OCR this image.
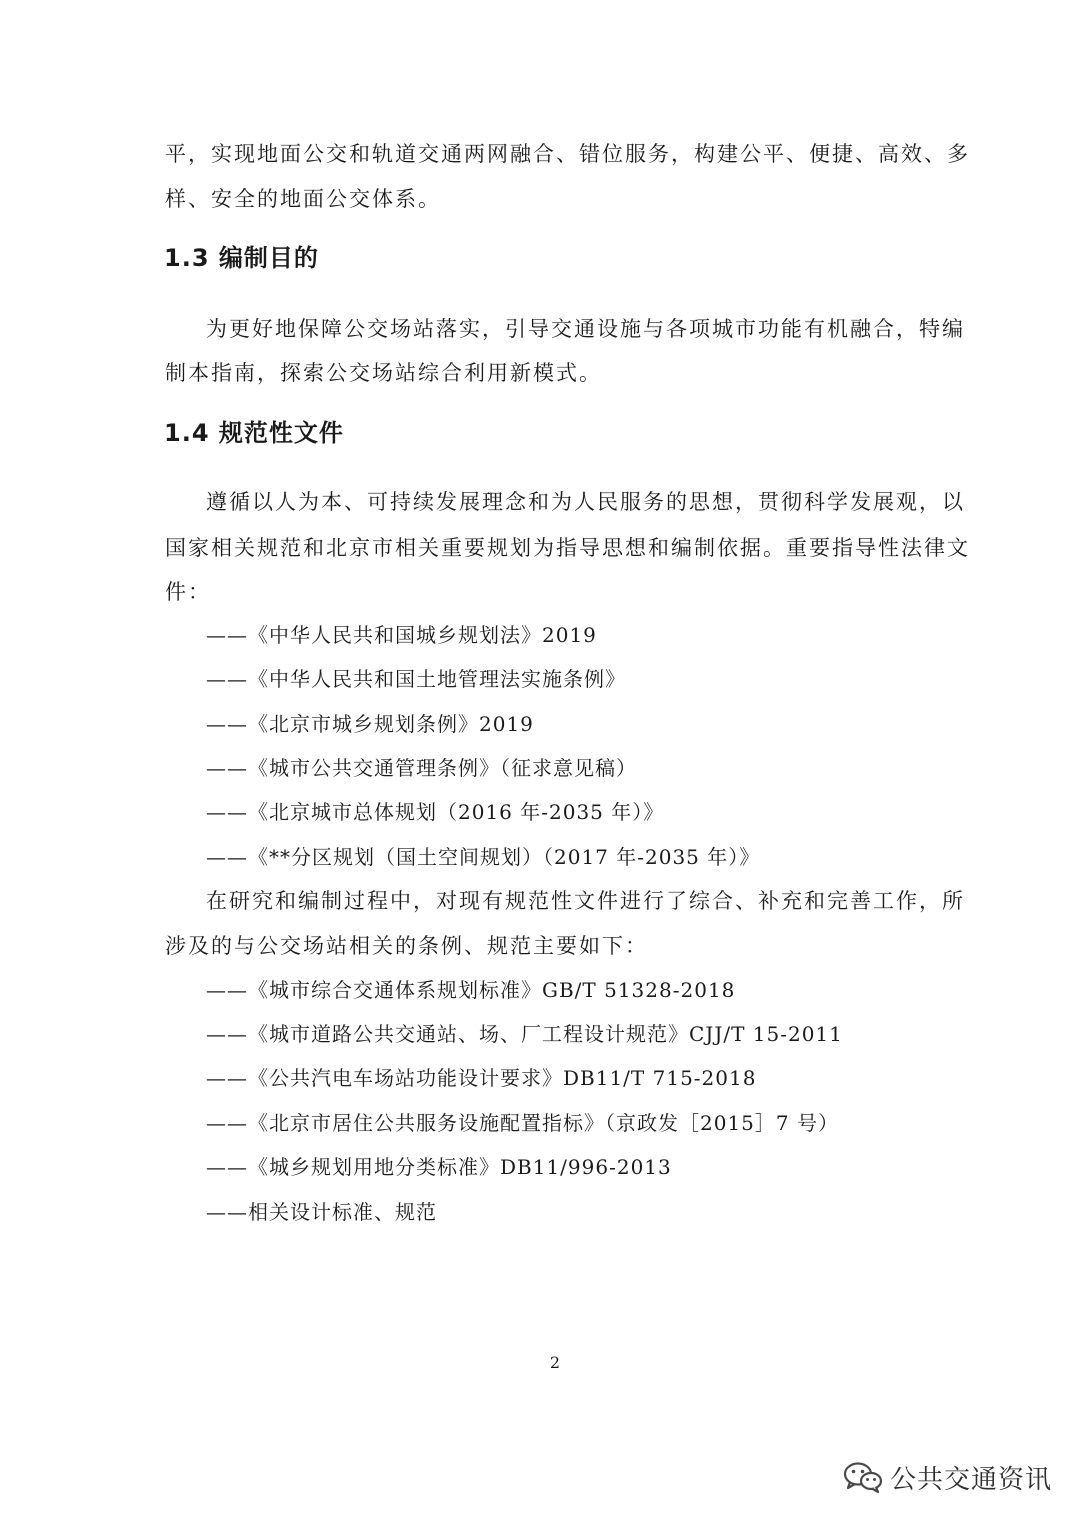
平，实现地面公交和轨道交通两网融合、错位服务，构建公平、便捷、高效、多
样、安全的地面公交体系。
1.3 编制目的
为更好地保障公交场站落实，引导交通设施与各项城市功能有机融合，特编
制本指南，探索公交场站综合利用新模式。
1.4 规范性文件
遵循以人为本、可持续发展理念和为人民服务的思想，贯彻科学发展观，以
国家相关规范和北京市相关重要规划为指导思想和编制依据。重要指导性法律文
件：
——《中华人民共和国城乡规划法》2019
——《中华人民共和国土地管理法实施条例》
——《北京市城乡规划条例》2019
——《城市公共交通管理条例》（征求意见稿）
——《北京城市总体规划（2016 年-2035 年）》
——《**分区规划（国土空间规划）（2017 年-2035 年）》
在研究和编制过程中，对现有规范性文件进行了综合、补充和完善工作，所
涉及的与公交场站相关的条例、规范主要如下：
——《城市综合交通体系规划标准》GB/T 51328-2018
——《城市道路公共交通站、场、厂工程设计规范》CJJ/T 15-2011
——《公共汽电车场站功能设计要求》DB11/T 715-2018
——《北京市居住公共服务设施配置指标》（京政发［2015］7 号）
——《城乡规划用地分类标准》DB11/996-2013
——相关设计标准、规范
2
公共交通资讯
